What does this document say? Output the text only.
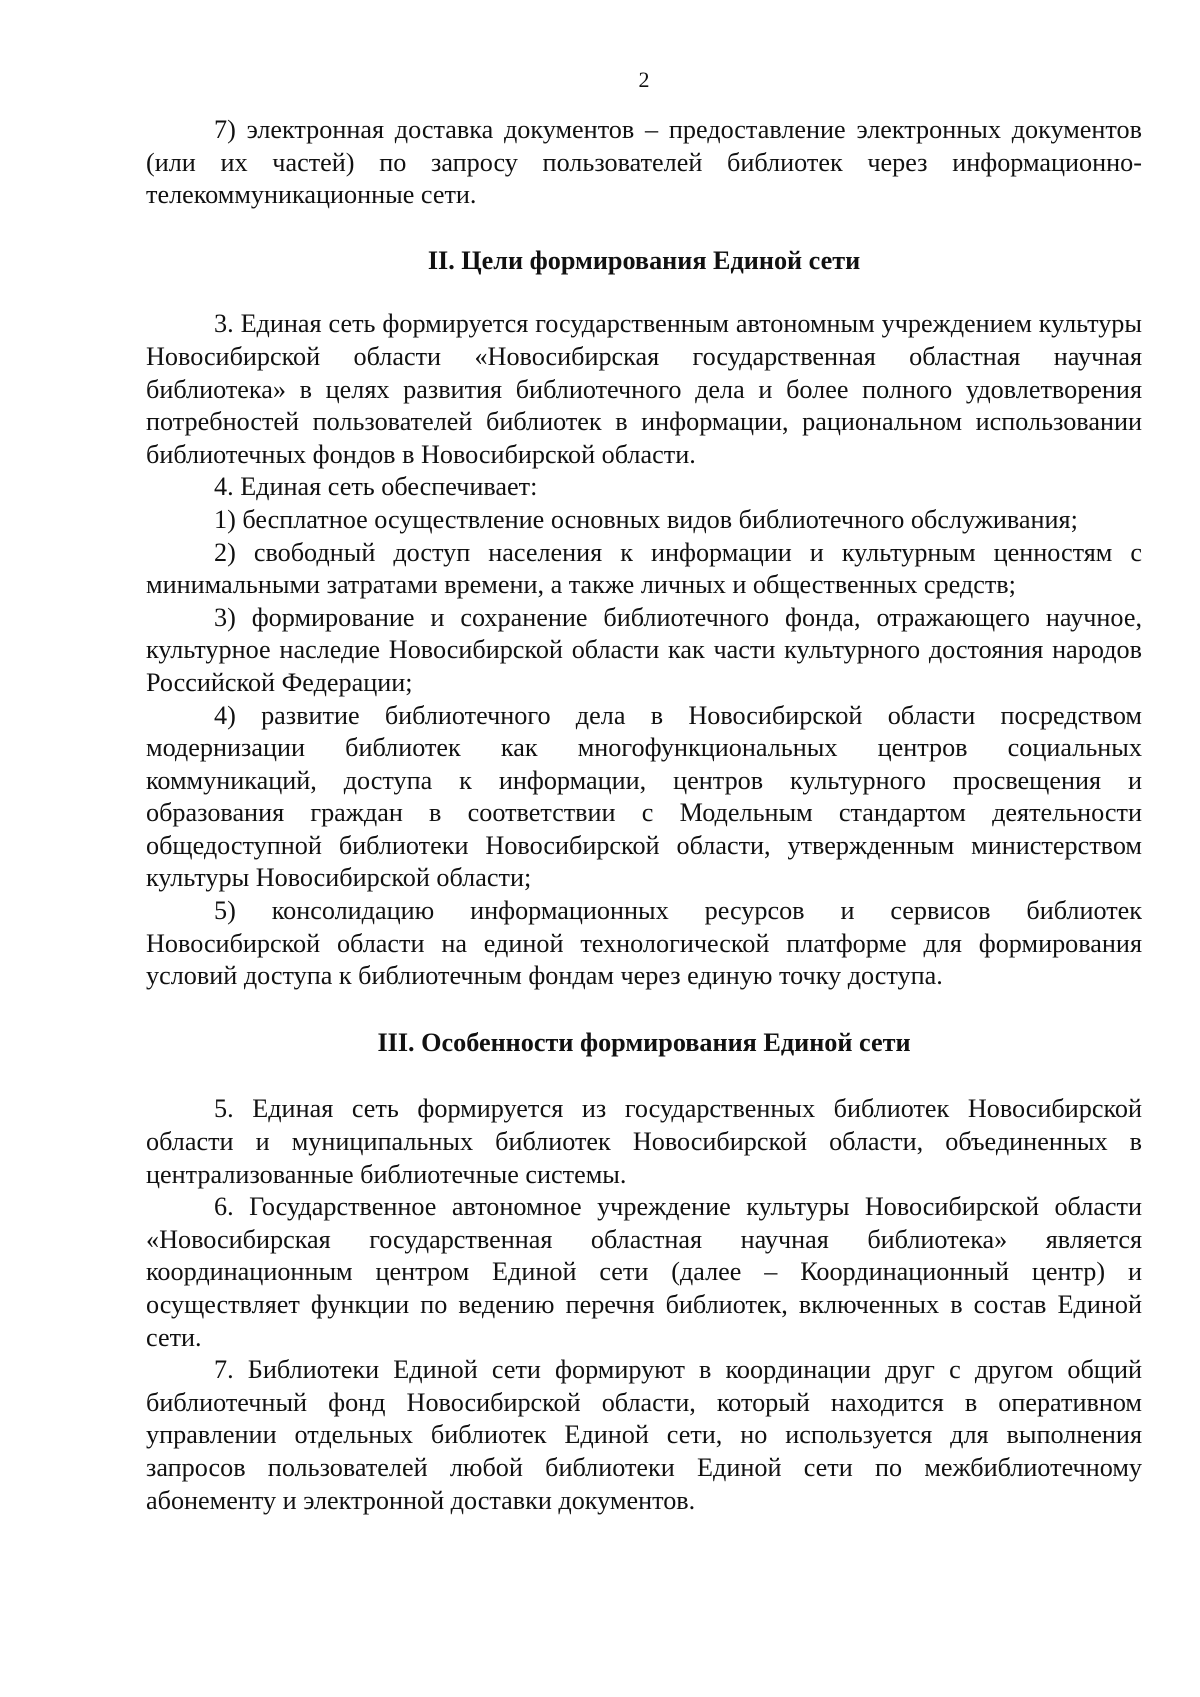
2

7) электронная доставка документов – предоставление электронных документов (или их частей) по запросу пользователей библиотек через информационно-телекоммуникационные сети.

II. Цели формирования Единой сети

3. Единая сеть формируется государственным автономным учреждением культуры Новосибирской области «Новосибирская государственная областная научная библиотека» в целях развития библиотечного дела и более полного удовлетворения потребностей пользователей библиотек в информации, рациональном использовании библиотечных фондов в Новосибирской области.

4. Единая сеть обеспечивает:

1) бесплатное осуществление основных видов библиотечного обслуживания;

2) свободный доступ населения к информации и культурным ценностям с минимальными затратами времени, а также личных и общественных средств;

3) формирование и сохранение библиотечного фонда, отражающего научное, культурное наследие Новосибирской области как части культурного достояния народов Российской Федерации;

4) развитие библиотечного дела в Новосибирской области посредством модернизации библиотек как многофункциональных центров социальных коммуникаций, доступа к информации, центров культурного просвещения и образования граждан в соответствии с Модельным стандартом деятельности общедоступной библиотеки Новосибирской области, утвержденным министерством культуры Новосибирской области;

5) консолидацию информационных ресурсов и сервисов библиотек Новосибирской области на единой технологической платформе для формирования условий доступа к библиотечным фондам через единую точку доступа.

III. Особенности формирования Единой сети

5. Единая сеть формируется из государственных библиотек Новосибирской области и муниципальных библиотек Новосибирской области, объединенных в централизованные библиотечные системы.

6. Государственное автономное учреждение культуры Новосибирской области «Новосибирская государственная областная научная библиотека» является координационным центром Единой сети (далее – Координационный центр) и осуществляет функции по ведению перечня библиотек, включенных в состав Единой сети.

7. Библиотеки Единой сети формируют в координации друг с другом общий библиотечный фонд Новосибирской области, который находится в оперативном управлении отдельных библиотек Единой сети, но используется для выполнения запросов пользователей любой библиотеки Единой сети по межбиблиотечному абонементу и электронной доставки документов.
